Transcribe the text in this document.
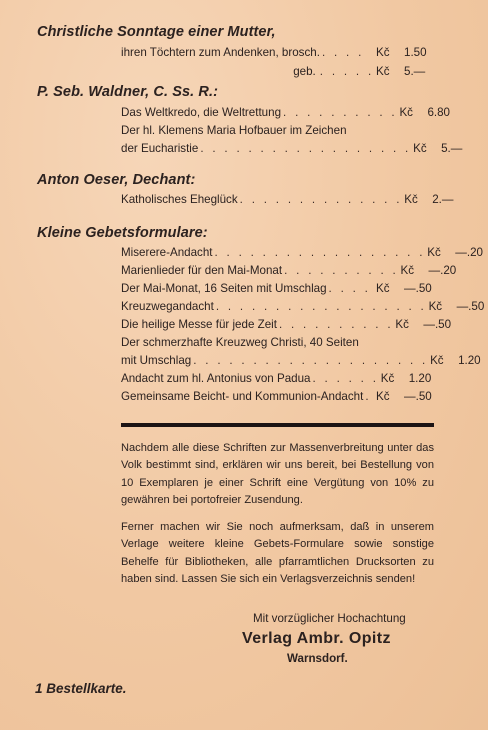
Christliche Sonntage einer Mutter,
ihren Töchtern zum Andenken, brosch. . . . .	Kč	1.50
geb. . . . . . Kč	5.—
P. Seb. Waldner, C. Ss. R.:
Das Weltkredo, die Weltrettung . . . . . . . . . . Kč	6.80
Der hl. Klemens Maria Hofbauer im Zeichen
der Eucharistie . . . . . . . . . . . . . . . . . . Kč	5.—
Anton Oeser, Dechant:
Katholisches Eheglück . . . . . . . . . . . . . . Kč	2.—
Kleine Gebetsformulare:
Miserere-Andacht . . . . . . . . . . . . . . . . . . Kč	—.20
Marienlieder für den Mai-Monat . . . . . . . . . . Kč	—.20
Der Mai-Monat, 16 Seiten mit Umschlag . . . . Kč	—.50
Kreuzwegandacht . . . . . . . . . . . . . . . . . . Kč	—.50
Die heilige Messe für jede Zeit . . . . . . . . . . Kč	—.50
Der schmerzhafte Kreuzweg Christi, 40 Seiten
mit Umschlag . . . . . . . . . . . . . . . . . . . . Kč	1.20
Andacht zum hl. Antonius von Padua . . . . . . Kč	1.20
Gemeinsame Beicht- und Kommunion-Andacht . Kč	—.50

Nachdem alle diese Schriften zur Massenverbreitung unter das Volk bestimmt sind, erklären wir uns bereit, bei Bestellung von 10 Exemplaren je einer Schrift eine Vergütung von 10% zu gewähren bei portofreier Zusendung.

Ferner machen wir Sie noch aufmerksam, daß in unserem Verlage weitere kleine Gebets-Formulare sowie sonstige Behelfe für Bibliotheken, alle pfarramtlichen Drucksorten zu haben sind. Lassen Sie sich ein Verlagsverzeichnis senden!

Mit vorzüglicher Hochachtung
Verlag Ambr. Opitz
Warnsdorf.
1 Bestellkarte.
